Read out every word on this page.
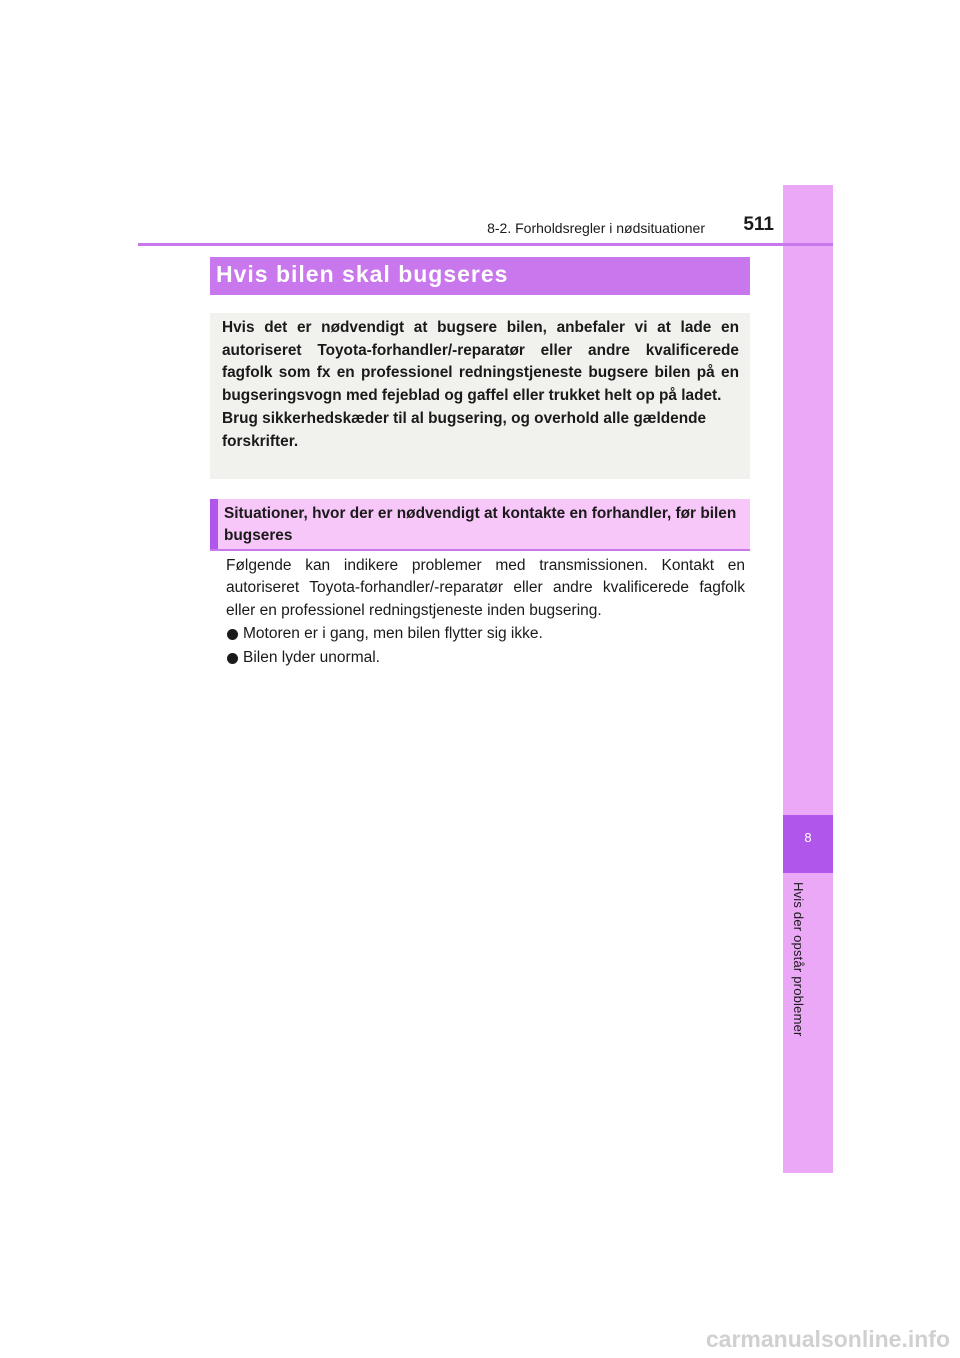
8
Hvis der opstår problemer
8-2. Forholdsregler i nødsituationer	511
Hvis bilen skal bugseres

Hvis det er nødvendigt at bugsere bilen, anbefaler vi at lade en autoriseret Toyota-forhandler/-reparatør eller andre kvalificerede fagfolk som fx en professionel redningstjeneste bugsere bilen på en bugseringsvogn med fejeblad og gaffel eller trukket helt op på ladet.

Brug sikkerhedskæder til al bugsering, og overhold alle gældende forskrifter.

Situationer, hvor der er nødvendigt at kontakte en forhandler, før bilen bugseres

Følgende kan indikere problemer med transmissionen. Kontakt en autoriseret Toyota-forhandler/-reparatør eller andre kvalificerede fagfolk eller en professionel redningstjeneste inden bugsering.

Motoren er i gang, men bilen flytter sig ikke.
Bilen lyder unormal.
carmanualsonline.info
